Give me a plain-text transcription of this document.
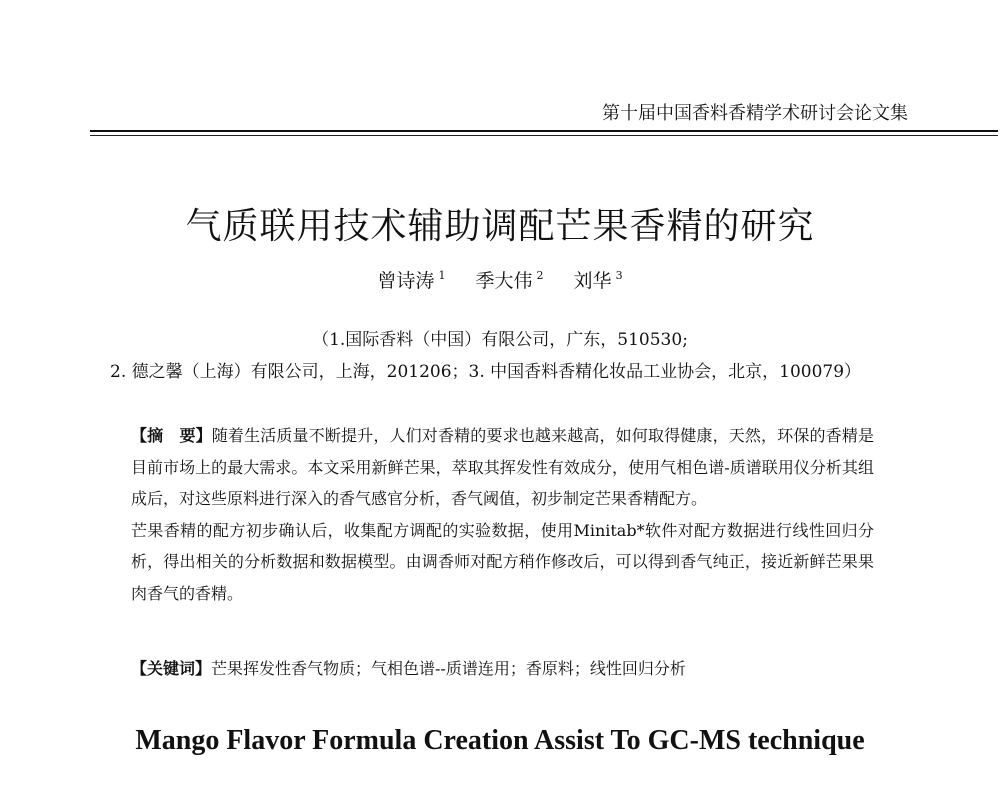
第十届中国香料香精学术研讨会论文集
气质联用技术辅助调配芒果香精的研究
曾诗涛 $^1$ 季大伟 $^2$ 刘华 $^3$
（1.国际香料（中国）有限公司，广东，510530;
2. 德之馨（上海）有限公司，上海，201206；3. 中国香料香精化妆品工业协会，北京，100079）

【摘　要】随着生活质量不断提升，人们对香精的要求也越来越高，如何取得健康，天然，环保的香精是目前市场上的最大需求。本文采用新鲜芒果，萃取其挥发性有效成分，使用气相色谱-质谱联用仪分析其组成后，对这些原料进行深入的香气感官分析，香气阈值，初步制定芒果香精配方。

芒果香精的配方初步确认后，收集配方调配的实验数据，使用Minitab*软件对配方数据进行线性回归分析，得出相关的分析数据和数据模型。由调香师对配方稍作修改后，可以得到香气纯正，接近新鲜芒果果肉香气的香精。

【关键词】芒果挥发性香气物质；气相色谱--质谱连用；香原料；线性回归分析
Mango Flavor Formula Creation Assist To GC-MS technique
